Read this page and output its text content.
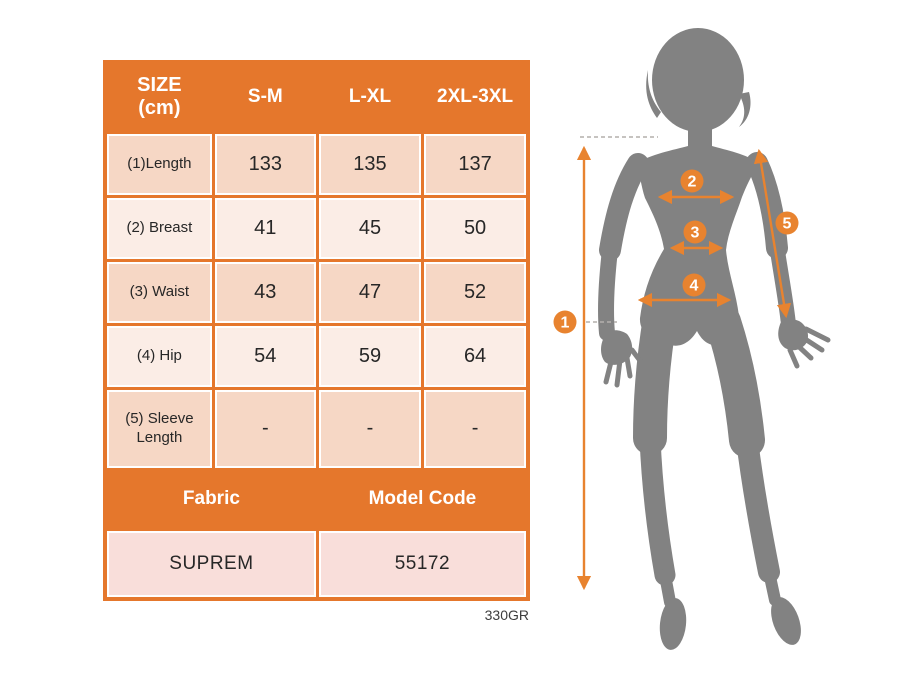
SIZE
(cm)	S-M	L-XL	2XL-3XL
(1)Length	133	135	137
(2) Breast	41	45	50
(3) Waist	43	47	52
(4) Hip	54	59	64
(5) Sleeve Length	-	-	-
Fabric		Model Code	
SUPREM		55172	
330GR
1
2
3
4
5
